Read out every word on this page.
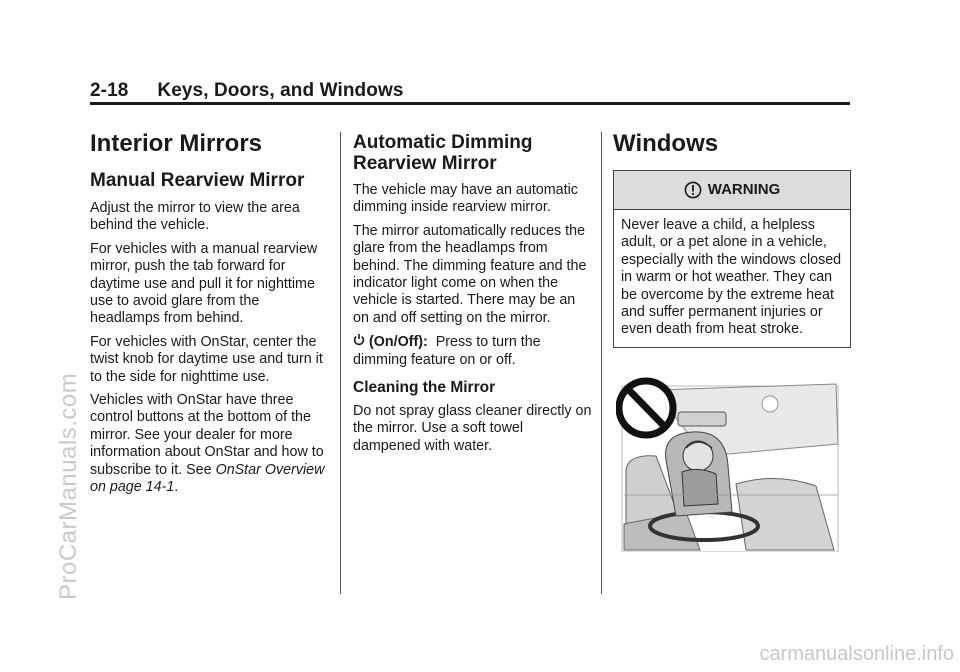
2-18 Keys, Doors, and Windows
Interior Mirrors
Manual Rearview Mirror

Adjust the mirror to view the area behind the vehicle.

For vehicles with a manual rearview mirror, push the tab forward for daytime use and pull it for nighttime use to avoid glare from the headlamps from behind.

For vehicles with OnStar, center the twist knob for daytime use and turn it to the side for nighttime use.

Vehicles with OnStar have three control buttons at the bottom of the mirror. See your dealer for more information about OnStar and how to subscribe to it. See OnStar Overview on page 14-1.

Automatic Dimming Rearview Mirror

The vehicle may have an automatic dimming inside rearview mirror.

The mirror automatically reduces the glare from the headlamps from behind. The dimming feature and the indicator light come on when the vehicle is started. There may be an on and off setting on the mirror.

(On/Off): Press to turn the dimming feature on or off.

Cleaning the Mirror

Do not spray glass cleaner directly on the mirror. Use a soft towel dampened with water.

Windows
WARNING
Never leave a child, a helpless adult, or a pet alone in a vehicle, especially with the windows closed in warm or hot weather. They can be overcome by the extreme heat and suffer permanent injuries or even death from heat stroke.
ProCarManuals.com
carmanualsonline.info
